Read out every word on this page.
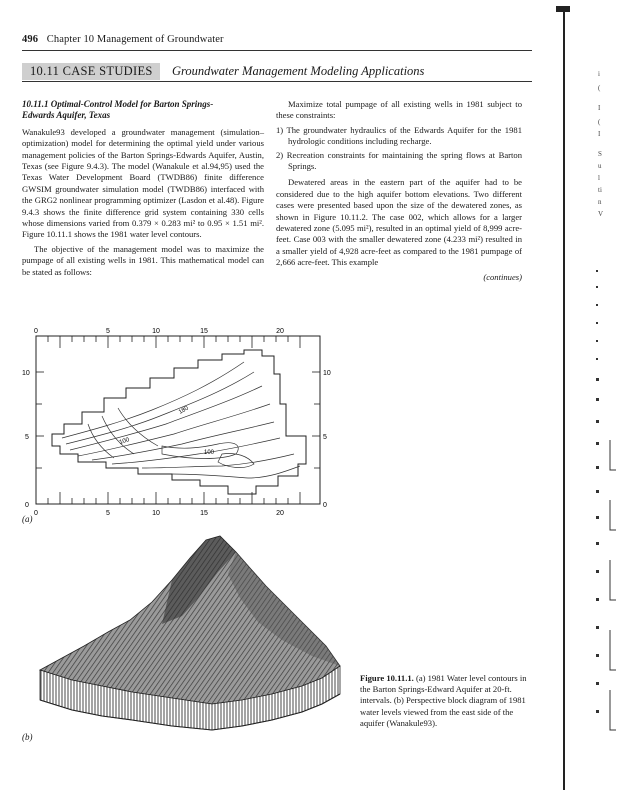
496 Chapter 10 Management of Groundwater
10.11 CASE STUDIES	Groundwater Management Modeling Applications
10.11.1 Optimal-Control Model for Barton Springs-
Edwards Aquifer, Texas

Wanakule93 developed a groundwater management (simulation–optimization) model for determining the optimal yield under various management policies of the Barton Springs-Edwards Aquifer, Austin, Texas (see Figure 9.4.3). The model (Wanakule et al.94,95) used the Texas Water Development Board (TWDB86) finite difference GWSIM groundwater simulation model (TWDB86) interfaced with the GRG2 nonlinear programming optimizer (Lasdon et al.48). Figure 9.4.3 shows the finite difference grid system containing 330 cells whose dimensions varied from 0.379 × 0.283 mi² to 0.95 × 1.51 mi². Figure 10.11.1 shows the 1981 water level contours.

The objective of the management model was to maximize the pumpage of all existing wells in 1981. This mathematical model can be stated as follows:

Maximize total pumpage of all existing wells in 1981 subject to these constraints:

1) The groundwater hydraulics of the Edwards Aquifer for the 1981 hydrologic conditions including recharge.
2) Recreation constraints for maintaining the spring flows at Barton Springs.

Dewatered areas in the eastern part of the aquifer had to be considered due to the high aquifer bottom elevations. Two different cases were presented based upon the size of the dewatered zones, as shown in Figure 10.11.2. The case 002, which allows for a larger dewatered zone (5.095 mi²), resulted in an optimal yield of 8,999 acre-feet. Case 003 with the smaller dewatered zone (4.233 mi²) resulted in a smaller yield of 4,928 acre-feet as compared to the 1981 pumpage of 2,666 acre-feet. This example

(continues)
100
180
100
0	5	10	15	20
0	5	10	15	20
10
5
0
10
5
0
(a)
(b)
Figure 10.11.1. (a) 1981 Water level contours in the Barton Springs-Edward Aquifer at 20-ft. intervals. (b) Perspective block diagram of 1981 water levels viewed from the east side of the aquifer (Wanakule93).
i
(
I
(
I
S
u
l
ti
n
V
